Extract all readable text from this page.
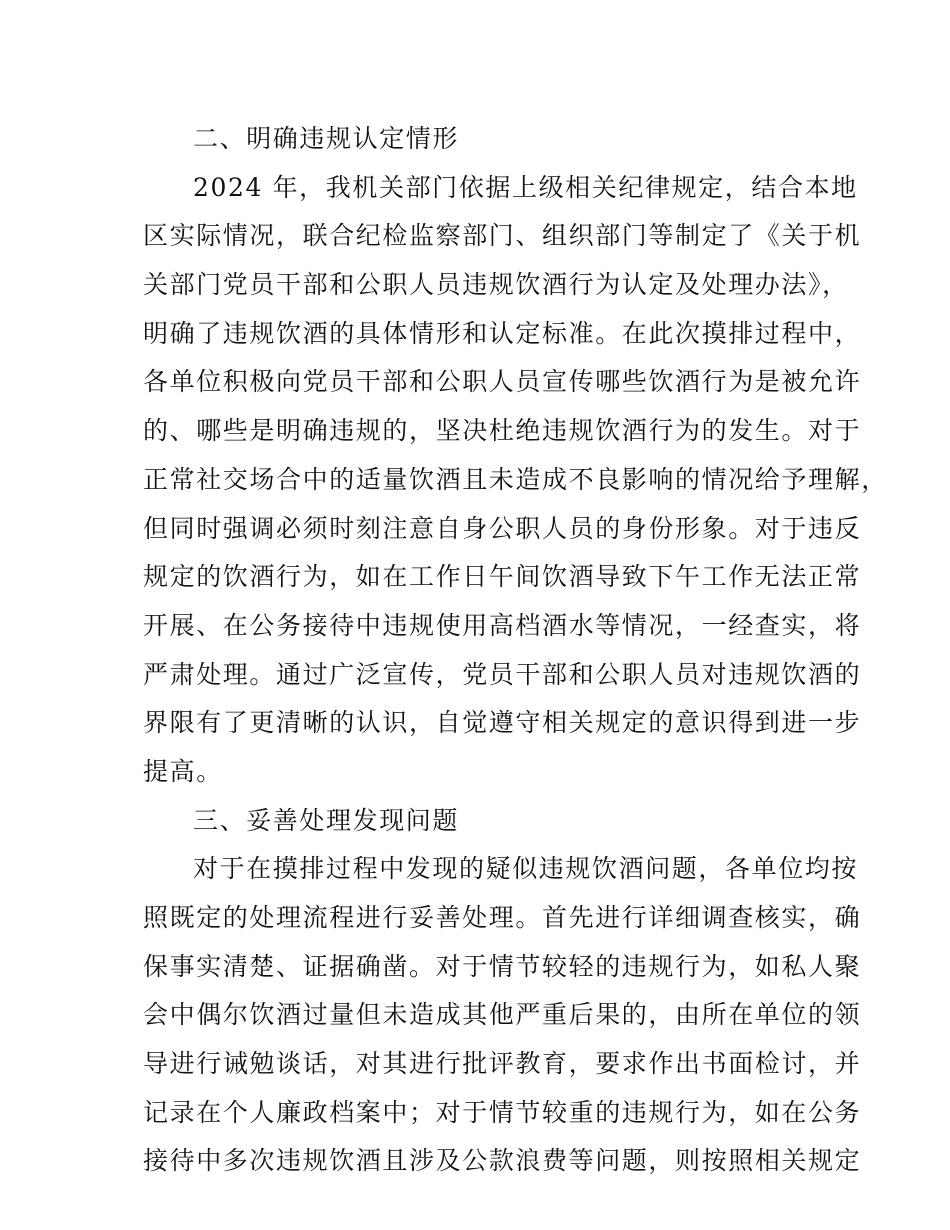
二、明确违规认定情形
2024 年，我机关部门依据上级相关纪律规定，结合本地
区实际情况，联合纪检监察部门、组织部门等制定了《关于机
关部门党员干部和公职人员违规饮酒行为认定及处理办法》，
明确了违规饮酒的具体情形和认定标准。在此次摸排过程中，
各单位积极向党员干部和公职人员宣传哪些饮酒行为是被允许
的、哪些是明确违规的，坚决杜绝违规饮酒行为的发生。对于
正常社交场合中的适量饮酒且未造成不良影响的情况给予理解，
但同时强调必须时刻注意自身公职人员的身份形象。对于违反
规定的饮酒行为，如在工作日午间饮酒导致下午工作无法正常
开展、在公务接待中违规使用高档酒水等情况，一经查实，将
严肃处理。通过广泛宣传，党员干部和公职人员对违规饮酒的
界限有了更清晰的认识，自觉遵守相关规定的意识得到进一步
提高。
三、妥善处理发现问题
对于在摸排过程中发现的疑似违规饮酒问题，各单位均按
照既定的处理流程进行妥善处理。首先进行详细调查核实，确
保事实清楚、证据确凿。对于情节较轻的违规行为，如私人聚
会中偶尔饮酒过量但未造成其他严重后果的，由所在单位的领
导进行诫勉谈话，对其进行批评教育，要求作出书面检讨，并
记录在个人廉政档案中；对于情节较重的违规行为，如在公务
接待中多次违规饮酒且涉及公款浪费等问题，则按照相关规定
